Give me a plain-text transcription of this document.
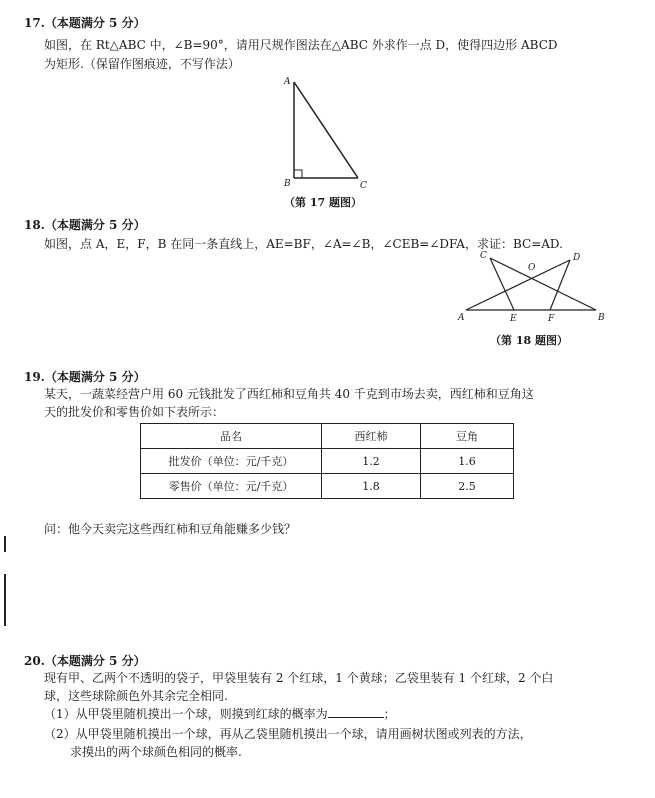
17.（本题满分 5 分）
如图，在 Rt△ABC 中，∠B=90°，请用尺规作图法在△ABC 外求作一点 D，使得四边形 ABCD
为矩形.（保留作图痕迹，不写作法）
A
B	C
（第 17 题图）
18.（本题满分 5 分）
如图，点 A，E，F，B 在同一条直线上，AE=BF，∠A=∠B，∠CEB=∠DFA，求证：BC=AD.
A	E	F	B
C	D
O
（第 18 题图）
19.（本题满分 5 分）
某天，一蔬菜经营户用 60 元钱批发了西红柿和豆角共 40 千克到市场去卖，西红柿和豆角这
天的批发价和零售价如下表所示：
品名	西红柿	豆角
批发价（单位：元/千克）	1.2	1.6
零售价（单位：元/千克）	1.8	2.5
问：他今天卖完这些西红柿和豆角能赚多少钱？
20.（本题满分 5 分）
现有甲、乙两个不透明的袋子，甲袋里装有 2 个红球，1 个黄球；乙袋里装有 1 个红球，2 个白
球，这些球除颜色外其余完全相同.
（1）从甲袋里随机摸出一个球，则摸到红球的概率为	；
（2）从甲袋里随机摸出一个球，再从乙袋里随机摸出一个球，请用画树状图或列表的方法，
求摸出的两个球颜色相同的概率.
